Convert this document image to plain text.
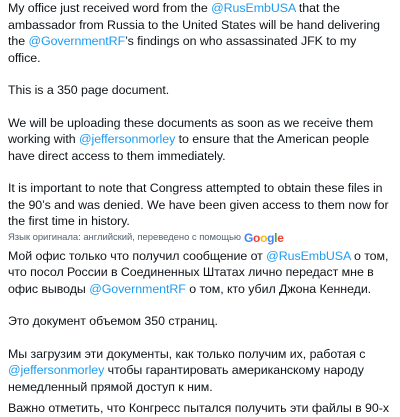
My office just received word from the @RusEmbUSA that the ambassador from Russia to the United States will be hand delivering the @GovernmentRF’s findings on who assassinated JFK to my office.

This is a 350 page document.

We will be uploading these documents as soon as we receive them working with @jeffersonmorley to ensure that the American people have direct access to them immediately.

It is important to note that Congress attempted to obtain these files in the 90’s and was denied. We have been given access to them now for the first time in history.

Язык оригинала: английский, переведено с помощью G o o g l e

Мой офис только что получил сообщение от @RusEmbUSA о том, что посол России в Соединенных Штатах лично передаст мне в офис выводы @GovernmentRF о том, кто убил Джона Кеннеди.

Это документ объемом 350 страниц.

Мы загрузим эти документы, как только получим их, работая с @jeffersonmorley чтобы гарантировать американскому народу немедленный прямой доступ к ним.

Важно отметить, что Конгресс пытался получить эти файлы в 90-х
